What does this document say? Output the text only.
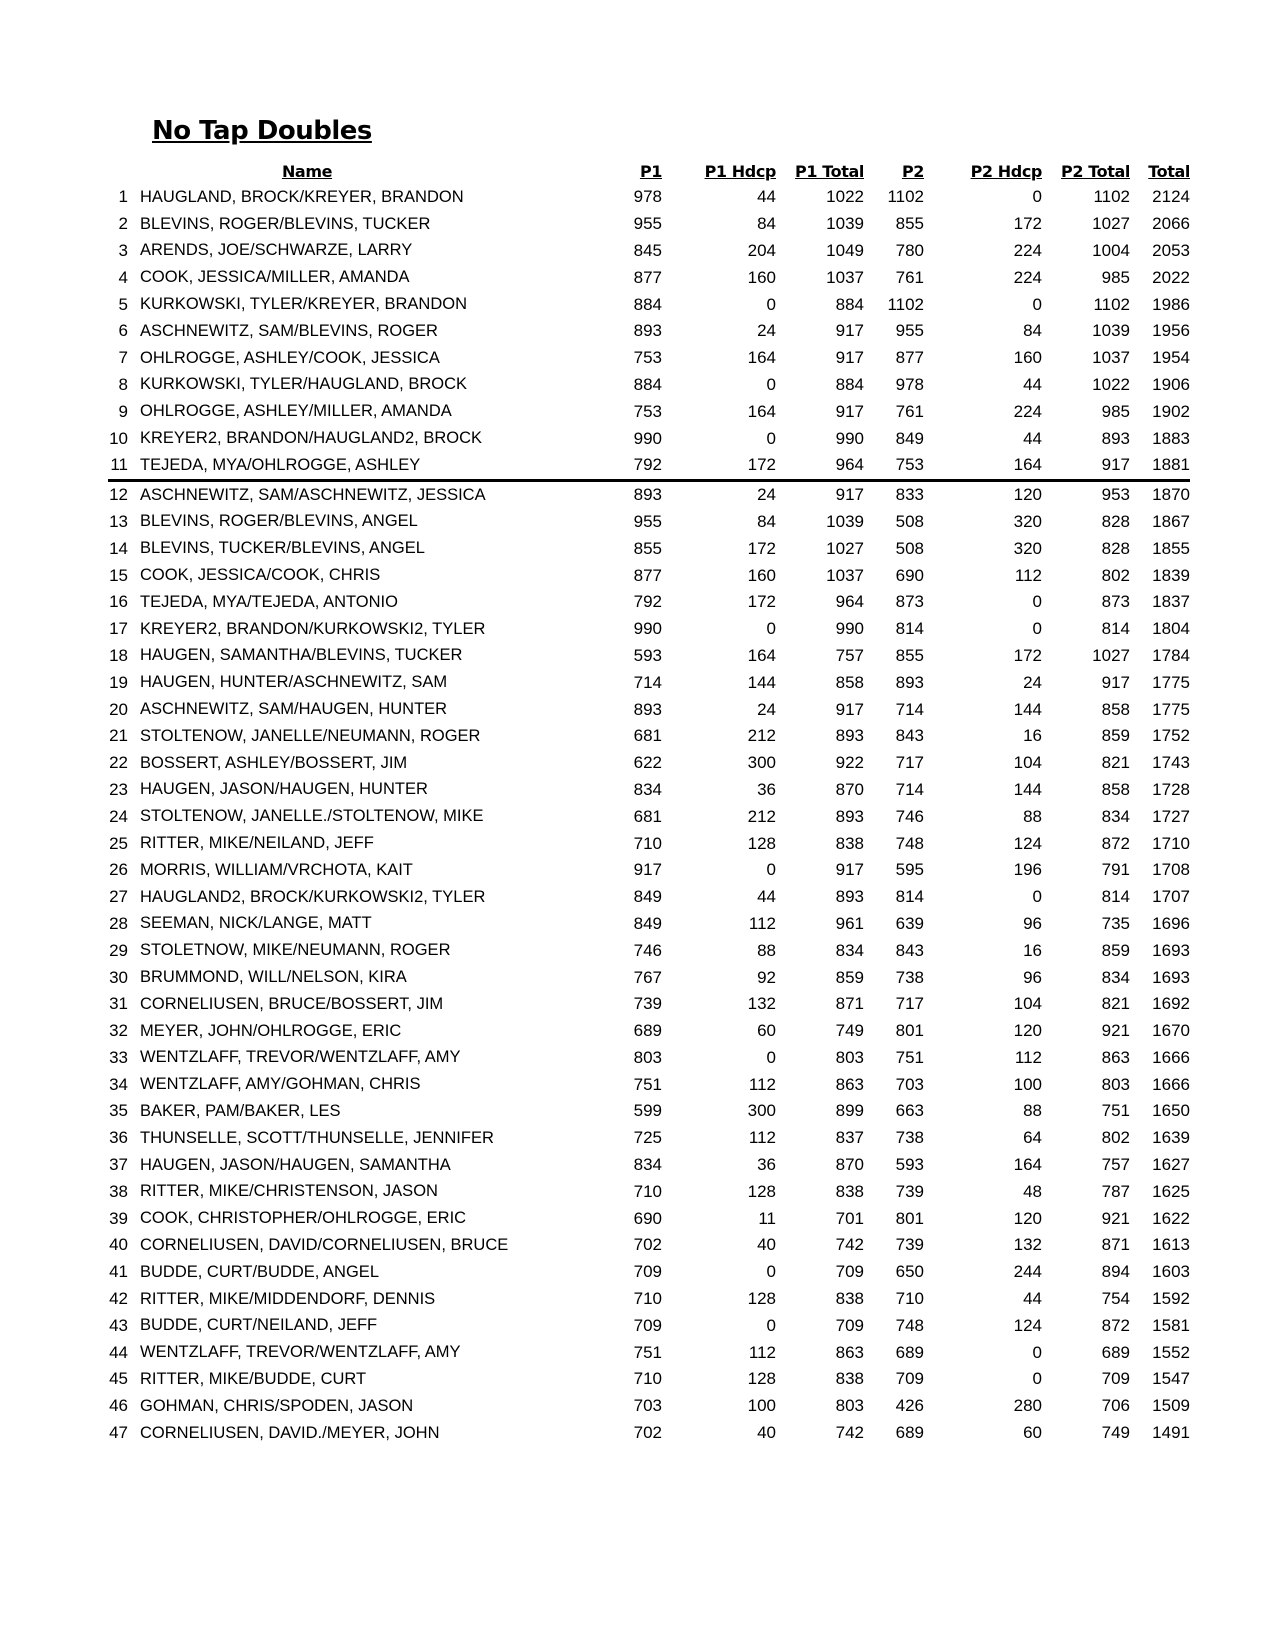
No Tap Doubles
	Name	P1	P1 Hdcp	P1 Total	P2	P2 Hdcp	P2 Total	Total
1	HAUGLAND, BROCK/KREYER, BRANDON	978	44	1022	1102	0	1102	2124
2	BLEVINS, ROGER/BLEVINS, TUCKER	955	84	1039	855	172	1027	2066
3	ARENDS, JOE/SCHWARZE, LARRY	845	204	1049	780	224	1004	2053
4	COOK, JESSICA/MILLER, AMANDA	877	160	1037	761	224	985	2022
5	KURKOWSKI, TYLER/KREYER, BRANDON	884	0	884	1102	0	1102	1986
6	ASCHNEWITZ, SAM/BLEVINS, ROGER	893	24	917	955	84	1039	1956
7	OHLROGGE, ASHLEY/COOK, JESSICA	753	164	917	877	160	1037	1954
8	KURKOWSKI, TYLER/HAUGLAND, BROCK	884	0	884	978	44	1022	1906
9	OHLROGGE, ASHLEY/MILLER, AMANDA	753	164	917	761	224	985	1902
10	KREYER2, BRANDON/HAUGLAND2, BROCK	990	0	990	849	44	893	1883
11	TEJEDA, MYA/OHLROGGE, ASHLEY	792	172	964	753	164	917	1881
12	ASCHNEWITZ, SAM/ASCHNEWITZ, JESSICA	893	24	917	833	120	953	1870
13	BLEVINS, ROGER/BLEVINS, ANGEL	955	84	1039	508	320	828	1867
14	BLEVINS, TUCKER/BLEVINS, ANGEL	855	172	1027	508	320	828	1855
15	COOK, JESSICA/COOK, CHRIS	877	160	1037	690	112	802	1839
16	TEJEDA, MYA/TEJEDA, ANTONIO	792	172	964	873	0	873	1837
17	KREYER2, BRANDON/KURKOWSKI2, TYLER	990	0	990	814	0	814	1804
18	HAUGEN, SAMANTHA/BLEVINS, TUCKER	593	164	757	855	172	1027	1784
19	HAUGEN, HUNTER/ASCHNEWITZ, SAM	714	144	858	893	24	917	1775
20	ASCHNEWITZ, SAM/HAUGEN, HUNTER	893	24	917	714	144	858	1775
21	STOLTENOW, JANELLE/NEUMANN, ROGER	681	212	893	843	16	859	1752
22	BOSSERT, ASHLEY/BOSSERT, JIM	622	300	922	717	104	821	1743
23	HAUGEN, JASON/HAUGEN, HUNTER	834	36	870	714	144	858	1728
24	STOLTENOW, JANELLE./STOLTENOW, MIKE	681	212	893	746	88	834	1727
25	RITTER, MIKE/NEILAND, JEFF	710	128	838	748	124	872	1710
26	MORRIS, WILLIAM/VRCHOTA, KAIT	917	0	917	595	196	791	1708
27	HAUGLAND2, BROCK/KURKOWSKI2, TYLER	849	44	893	814	0	814	1707
28	SEEMAN, NICK/LANGE, MATT	849	112	961	639	96	735	1696
29	STOLETNOW, MIKE/NEUMANN, ROGER	746	88	834	843	16	859	1693
30	BRUMMOND, WILL/NELSON, KIRA	767	92	859	738	96	834	1693
31	CORNELIUSEN, BRUCE/BOSSERT, JIM	739	132	871	717	104	821	1692
32	MEYER, JOHN/OHLROGGE, ERIC	689	60	749	801	120	921	1670
33	WENTZLAFF, TREVOR/WENTZLAFF, AMY	803	0	803	751	112	863	1666
34	WENTZLAFF, AMY/GOHMAN, CHRIS	751	112	863	703	100	803	1666
35	BAKER, PAM/BAKER, LES	599	300	899	663	88	751	1650
36	THUNSELLE, SCOTT/THUNSELLE, JENNIFER	725	112	837	738	64	802	1639
37	HAUGEN, JASON/HAUGEN, SAMANTHA	834	36	870	593	164	757	1627
38	RITTER, MIKE/CHRISTENSON, JASON	710	128	838	739	48	787	1625
39	COOK, CHRISTOPHER/OHLROGGE, ERIC	690	11	701	801	120	921	1622
40	CORNELIUSEN, DAVID/CORNELIUSEN, BRUCE	702	40	742	739	132	871	1613
41	BUDDE, CURT/BUDDE, ANGEL	709	0	709	650	244	894	1603
42	RITTER, MIKE/MIDDENDORF, DENNIS	710	128	838	710	44	754	1592
43	BUDDE, CURT/NEILAND, JEFF	709	0	709	748	124	872	1581
44	WENTZLAFF, TREVOR/WENTZLAFF, AMY	751	112	863	689	0	689	1552
45	RITTER, MIKE/BUDDE, CURT	710	128	838	709	0	709	1547
46	GOHMAN, CHRIS/SPODEN, JASON	703	100	803	426	280	706	1509
47	CORNELIUSEN, DAVID./MEYER, JOHN	702	40	742	689	60	749	1491
